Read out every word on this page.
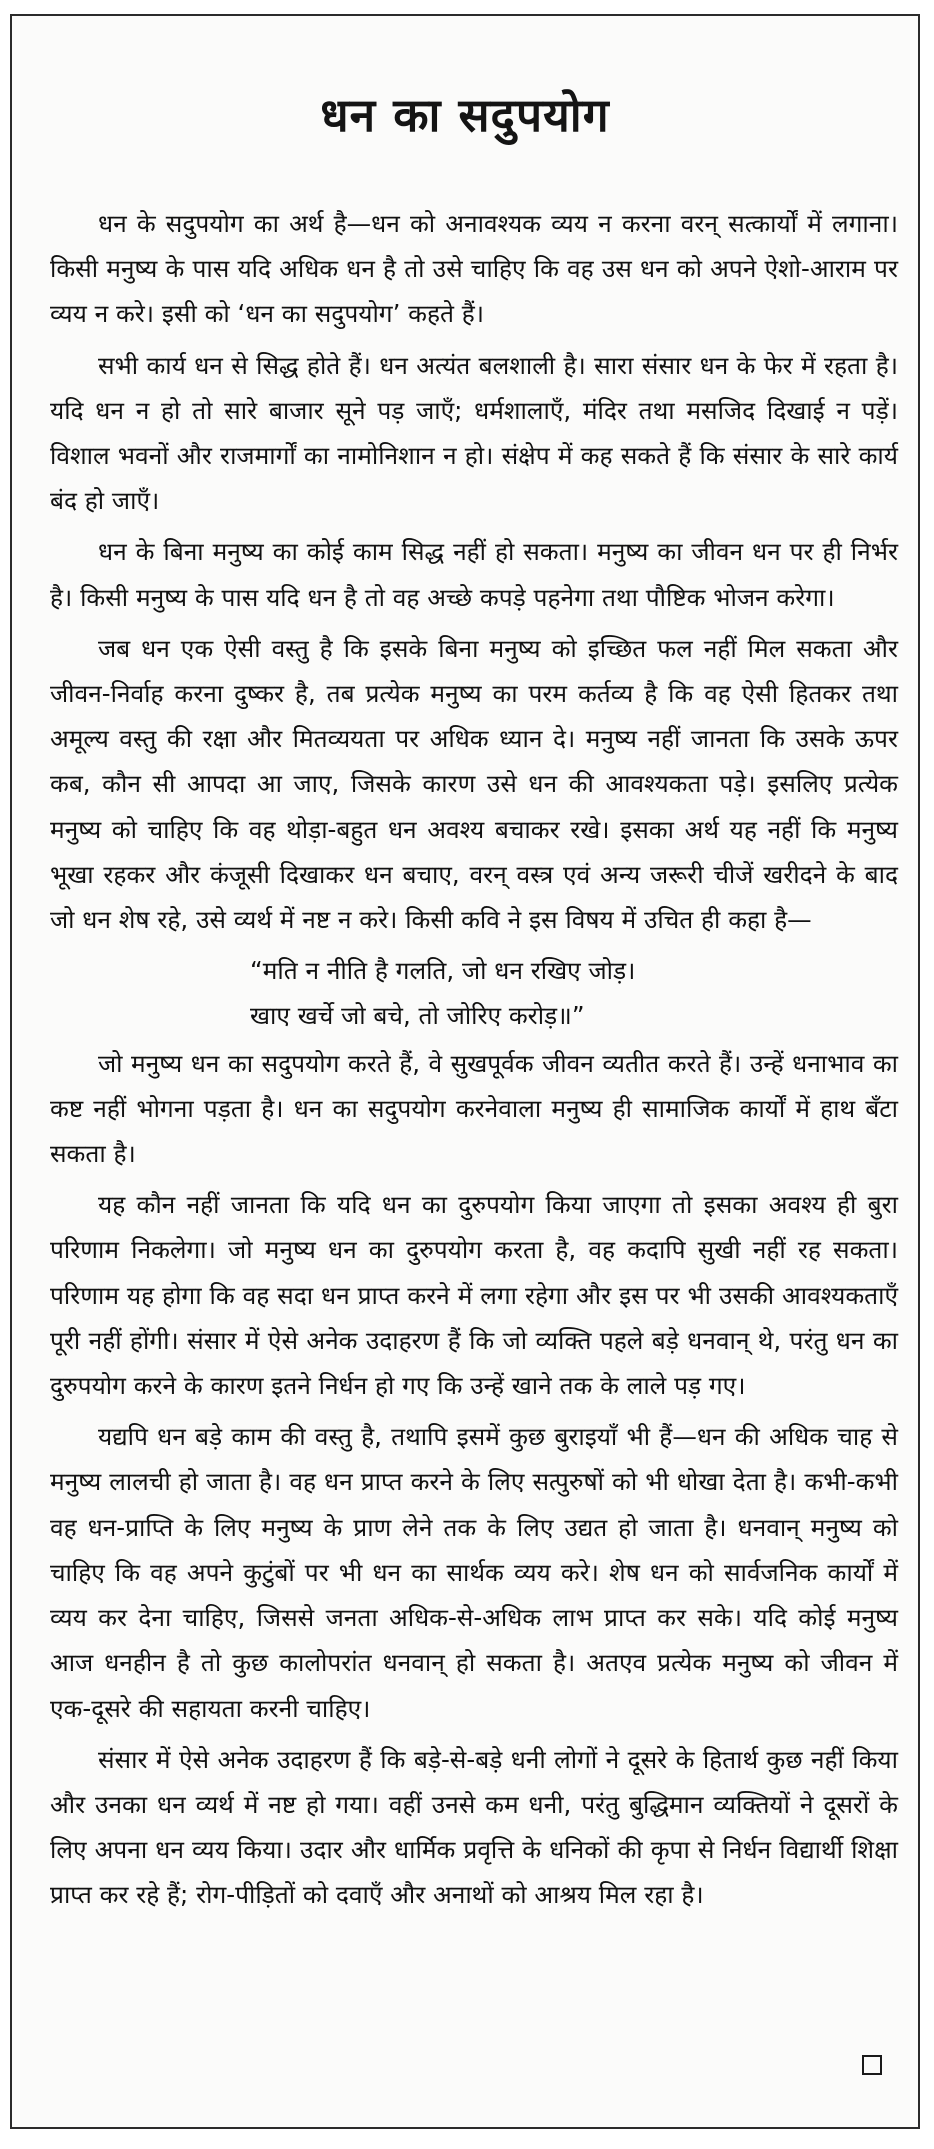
धन का सदुपयोग

धन के सदुपयोग का अर्थ है—धन को अनावश्यक व्यय न करना वरन् सत्कार्यों में लगाना। किसी मनुष्य के पास यदि अधिक धन है तो उसे चाहिए कि वह उस धन को अपने ऐशो-आराम पर व्यय न करे। इसी को ‘धन का सदुपयोग’ कहते हैं।

सभी कार्य धन से सिद्ध होते हैं। धन अत्यंत बलशाली है। सारा संसार धन के फेर में रहता है। यदि धन न हो तो सारे बाजार सूने पड़ जाएँ; धर्मशालाएँ, मंदिर तथा मसजिद दिखाई न पड़ें। विशाल भवनों और राजमार्गों का नामोनिशान न हो। संक्षेप में कह सकते हैं कि संसार के सारे कार्य बंद हो जाएँ।

धन के बिना मनुष्य का कोई काम सिद्ध नहीं हो सकता। मनुष्य का जीवन धन पर ही निर्भर है। किसी मनुष्य के पास यदि धन है तो वह अच्छे कपड़े पहनेगा तथा पौष्टिक भोजन करेगा।

जब धन एक ऐसी वस्तु है कि इसके बिना मनुष्य को इच्छित फल नहीं मिल सकता और जीवन-निर्वाह करना दुष्कर है, तब प्रत्येक मनुष्य का परम कर्तव्य है कि वह ऐसी हितकर तथा अमूल्य वस्तु की रक्षा और मितव्ययता पर अधिक ध्यान दे। मनुष्य नहीं जानता कि उसके ऊपर कब, कौन सी आपदा आ जाए, जिसके कारण उसे धन की आवश्यकता पड़े। इसलिए प्रत्येक मनुष्य को चाहिए कि वह थोड़ा-बहुत धन अवश्य बचाकर रखे। इसका अर्थ यह नहीं कि मनुष्य भूखा रहकर और कंजूसी दिखाकर धन बचाए, वरन् वस्त्र एवं अन्य जरूरी चीजें खरीदने के बाद जो धन शेष रहे, उसे व्यर्थ में नष्ट न करे। किसी कवि ने इस विषय में उचित ही कहा है—

“मति न नीति है गलति, जो धन रखिए जोड़।
खाए खर्चे जो बचे, तो जोरिए करोड़॥”

जो मनुष्य धन का सदुपयोग करते हैं, वे सुखपूर्वक जीवन व्यतीत करते हैं। उन्हें धनाभाव का कष्ट नहीं भोगना पड़ता है। धन का सदुपयोग करनेवाला मनुष्य ही सामाजिक कार्यों में हाथ बँटा सकता है।

यह कौन नहीं जानता कि यदि धन का दुरुपयोग किया जाएगा तो इसका अवश्य ही बुरा परिणाम निकलेगा। जो मनुष्य धन का दुरुपयोग करता है, वह कदापि सुखी नहीं रह सकता। परिणाम यह होगा कि वह सदा धन प्राप्त करने में लगा रहेगा और इस पर भी उसकी आवश्यकताएँ पूरी नहीं होंगी। संसार में ऐसे अनेक उदाहरण हैं कि जो व्यक्ति पहले बड़े धनवान् थे, परंतु धन का दुरुपयोग करने के कारण इतने निर्धन हो गए कि उन्हें खाने तक के लाले पड़ गए।

यद्यपि धन बड़े काम की वस्तु है, तथापि इसमें कुछ बुराइयाँ भी हैं—धन की अधिक चाह से मनुष्य लालची हो जाता है। वह धन प्राप्त करने के लिए सत्पुरुषों को भी धोखा देता है। कभी-कभी वह धन-प्राप्ति के लिए मनुष्य के प्राण लेने तक के लिए उद्यत हो जाता है। धनवान् मनुष्य को चाहिए कि वह अपने कुटुंबों पर भी धन का सार्थक व्यय करे। शेष धन को सार्वजनिक कार्यों में व्यय कर देना चाहिए, जिससे जनता अधिक-से-अधिक लाभ प्राप्त कर सके। यदि कोई मनुष्य आज धनहीन है तो कुछ कालोपरांत धनवान् हो सकता है। अतएव प्रत्येक मनुष्य को जीवन में एक-दूसरे की सहायता करनी चाहिए।

संसार में ऐसे अनेक उदाहरण हैं कि बड़े-से-बड़े धनी लोगों ने दूसरे के हितार्थ कुछ नहीं किया और उनका धन व्यर्थ में नष्ट हो गया। वहीं उनसे कम धनी, परंतु बुद्धिमान व्यक्तियों ने दूसरों के लिए अपना धन व्यय किया। उदार और धार्मिक प्रवृत्ति के धनिकों की कृपा से निर्धन विद्यार्थी शिक्षा प्राप्त कर रहे हैं; रोग-पीड़ितों को दवाएँ और अनाथों को आश्रय मिल रहा है।
